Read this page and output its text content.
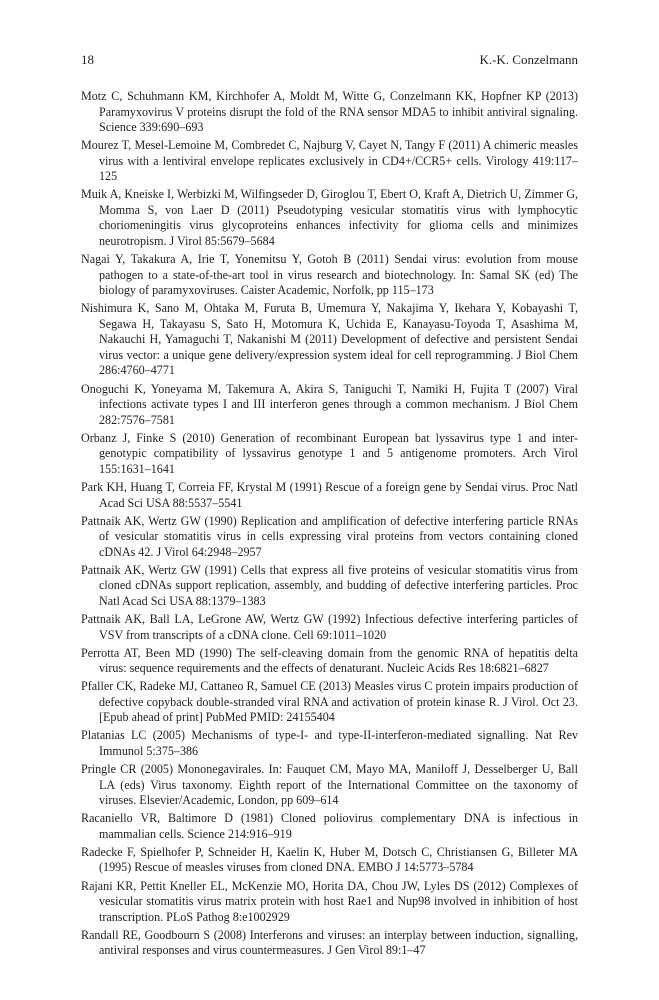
18	K.-K. Conzelmann
Motz C, Schuhmann KM, Kirchhofer A, Moldt M, Witte G, Conzelmann KK, Hopfner KP (2013) Paramyxovirus V proteins disrupt the fold of the RNA sensor MDA5 to inhibit antiviral signaling. Science 339:690–693
Mourez T, Mesel-Lemoine M, Combredet C, Najburg V, Cayet N, Tangy F (2011) A chimeric measles virus with a lentiviral envelope replicates exclusively in CD4+/CCR5+ cells. Virology 419:117–125
Muik A, Kneiske I, Werbizki M, Wilfingseder D, Giroglou T, Ebert O, Kraft A, Dietrich U, Zimmer G, Momma S, von Laer D (2011) Pseudotyping vesicular stomatitis virus with lymphocytic choriomeningitis virus glycoproteins enhances infectivity for glioma cells and minimizes neurotropism. J Virol 85:5679–5684
Nagai Y, Takakura A, Irie T, Yonemitsu Y, Gotoh B (2011) Sendai virus: evolution from mouse pathogen to a state-of-the-art tool in virus research and biotechnology. In: Samal SK (ed) The biology of paramyxoviruses. Caister Academic, Norfolk, pp 115–173
Nishimura K, Sano M, Ohtaka M, Furuta B, Umemura Y, Nakajima Y, Ikehara Y, Kobayashi T, Segawa H, Takayasu S, Sato H, Motomura K, Uchida E, Kanayasu-Toyoda T, Asashima M, Nakauchi H, Yamaguchi T, Nakanishi M (2011) Development of defective and persistent Sendai virus vector: a unique gene delivery/expression system ideal for cell reprogramming. J Biol Chem 286:4760–4771
Onoguchi K, Yoneyama M, Takemura A, Akira S, Taniguchi T, Namiki H, Fujita T (2007) Viral infections activate types I and III interferon genes through a common mechanism. J Biol Chem 282:7576–7581
Orbanz J, Finke S (2010) Generation of recombinant European bat lyssavirus type 1 and inter-genotypic compatibility of lyssavirus genotype 1 and 5 antigenome promoters. Arch Virol 155:1631–1641
Park KH, Huang T, Correia FF, Krystal M (1991) Rescue of a foreign gene by Sendai virus. Proc Natl Acad Sci USA 88:5537–5541
Pattnaik AK, Wertz GW (1990) Replication and amplification of defective interfering particle RNAs of vesicular stomatitis virus in cells expressing viral proteins from vectors containing cloned cDNAs 42. J Virol 64:2948–2957
Pattnaik AK, Wertz GW (1991) Cells that express all five proteins of vesicular stomatitis virus from cloned cDNAs support replication, assembly, and budding of defective interfering particles. Proc Natl Acad Sci USA 88:1379–1383
Pattnaik AK, Ball LA, LeGrone AW, Wertz GW (1992) Infectious defective interfering particles of VSV from transcripts of a cDNA clone. Cell 69:1011–1020
Perrotta AT, Been MD (1990) The self-cleaving domain from the genomic RNA of hepatitis delta virus: sequence requirements and the effects of denaturant. Nucleic Acids Res 18:6821–6827
Pfaller CK, Radeke MJ, Cattaneo R, Samuel CE (2013) Measles virus C protein impairs production of defective copyback double-stranded viral RNA and activation of protein kinase R. J Virol. Oct 23. [Epub ahead of print] PubMed PMID: 24155404
Platanias LC (2005) Mechanisms of type-I- and type-II-interferon-mediated signalling. Nat Rev Immunol 5:375–386
Pringle CR (2005) Mononegavirales. In: Fauquet CM, Mayo MA, Maniloff J, Desselberger U, Ball LA (eds) Virus taxonomy. Eighth report of the International Committee on the taxonomy of viruses. Elsevier/Academic, London, pp 609–614
Racaniello VR, Baltimore D (1981) Cloned poliovirus complementary DNA is infectious in mammalian cells. Science 214:916–919
Radecke F, Spielhofer P, Schneider H, Kaelin K, Huber M, Dotsch C, Christiansen G, Billeter MA (1995) Rescue of measles viruses from cloned DNA. EMBO J 14:5773–5784
Rajani KR, Pettit Kneller EL, McKenzie MO, Horita DA, Chou JW, Lyles DS (2012) Complexes of vesicular stomatitis virus matrix protein with host Rae1 and Nup98 involved in inhibition of host transcription. PLoS Pathog 8:e1002929
Randall RE, Goodbourn S (2008) Interferons and viruses: an interplay between induction, signalling, antiviral responses and virus countermeasures. J Gen Virol 89:1–47
